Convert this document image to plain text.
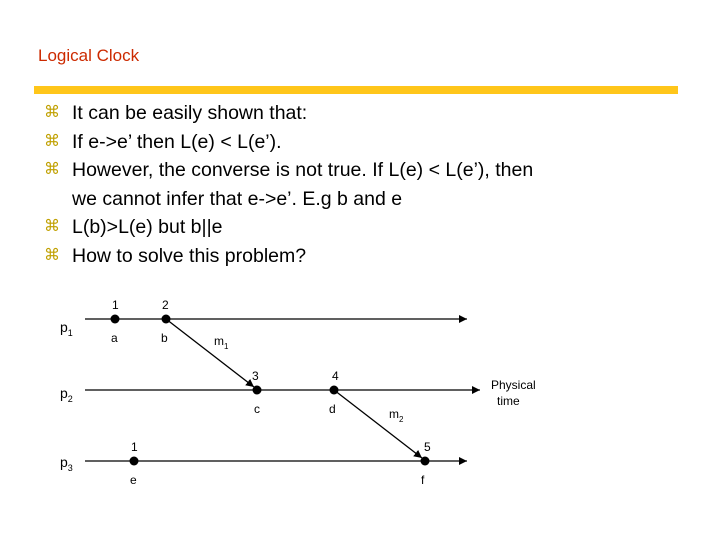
Logical Clock
⌘ It can be easily shown that:
⌘ If e->e’ then L(e) < L(e’).
⌘ However, the converse is not true. If L(e) < L(e’), then
we cannot infer that e->e’. E.g b and e
⌘ L(b)>L(e) but b||e
⌘ How to solve this problem?
$p_1$
$p_2$
$p_3$
$m_1$
$m_2$
1
a
2
b
3
c
4
d
1
e
5
f
Physical
time
